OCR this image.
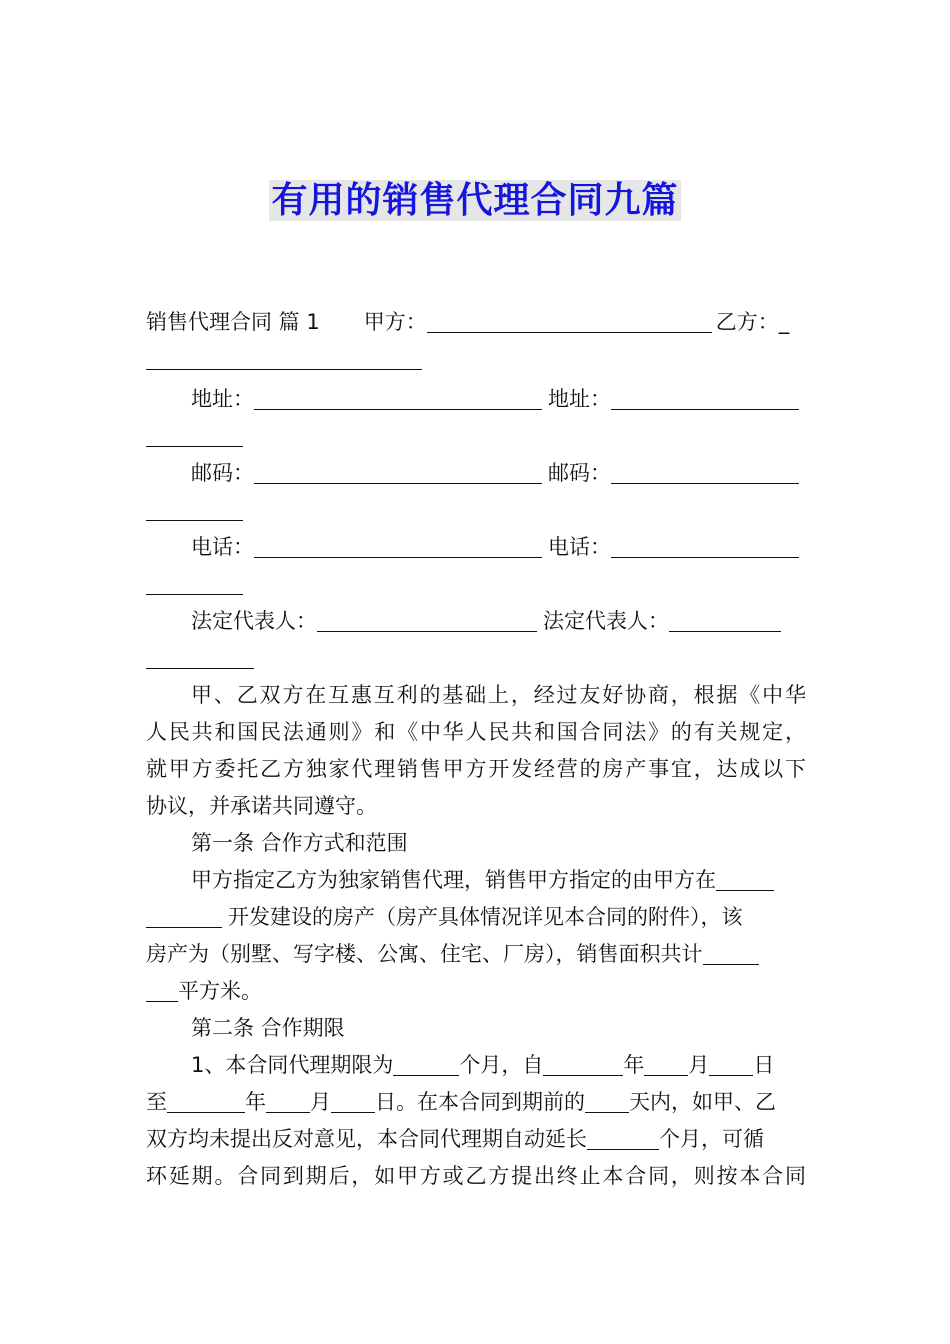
有用的销售代理合同九篇
销售代理合同 篇 1 甲方：	乙方：_
地址：	地址：
邮码：	邮码：
电话：	电话：
法定代表人：	法定代表人：
甲、乙双方在互惠互利的基础上，经过友好协商，根据《中华
人民共和国民法通则》和《中华人民共和国合同法》的有关规定，
就甲方委托乙方独家代理销售甲方开发经营的房产事宜，达成以下
协议，并承诺共同遵守。
第一条 合作方式和范围
甲方指定乙方为独家销售代理，销售甲方指定的由甲方在
开发建设的房产（房产具体情况详见本合同的附件），该
房产为（别墅、写字楼、公寓、住宅、厂房），销售面积共计
平方米。
第二条 合作期限
1、本合同代理期限为	个月，自	年 月 日
至	年 月 日。在本合同到期前的 天内，如甲、乙
双方均未提出反对意见，本合同代理期自动延长	个月，可循
环延期。合同到期后，如甲方或乙方提出终止本合同，则按本合同
